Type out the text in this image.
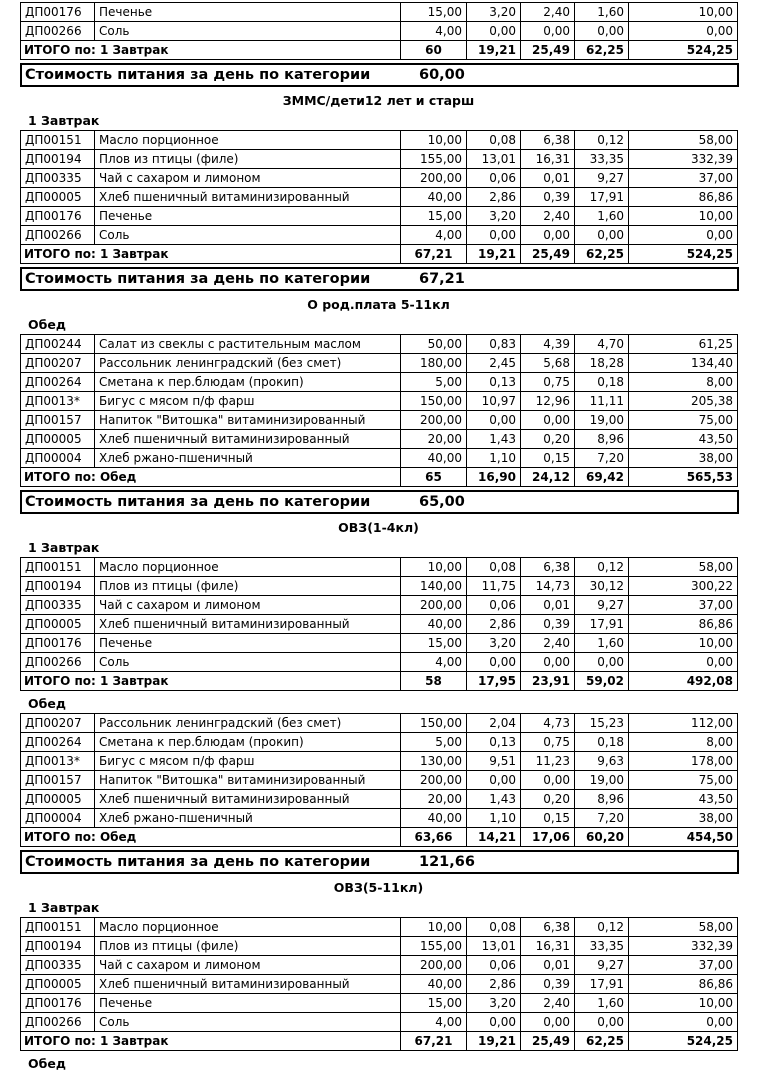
ДП00176	Печенье	15,00	3,20	2,40	1,60	10,00
ДП00266	Соль	4,00	0,00	0,00	0,00	0,00
ИТОГО по: 1 Завтрак		60	19,21	25,49	62,25	524,25
Стоимость питания за день по категории	60,00
ЗММС/дети12 лет и старш
1 Завтрак
ДП00151	Масло порционное	10,00	0,08	6,38	0,12	58,00
ДП00194	Плов из птицы (филе)	155,00	13,01	16,31	33,35	332,39
ДП00335	Чай с сахаром и лимоном	200,00	0,06	0,01	9,27	37,00
ДП00005	Хлеб пшеничный витаминизированный	40,00	2,86	0,39	17,91	86,86
ДП00176	Печенье	15,00	3,20	2,40	1,60	10,00
ДП00266	Соль	4,00	0,00	0,00	0,00	0,00
ИТОГО по: 1 Завтрак		67,21	19,21	25,49	62,25	524,25
Стоимость питания за день по категории	67,21
О род.плата 5-11кл
Обед
ДП00244	Салат из свеклы с растительным маслом	50,00	0,83	4,39	4,70	61,25
ДП00207	Рассольник ленинградский (без смет)	180,00	2,45	5,68	18,28	134,40
ДП00264	Сметана к пер.блюдам (прокип)	5,00	0,13	0,75	0,18	8,00
ДП0013*	Бигус с мясом п/ф фарш	150,00	10,97	12,96	11,11	205,38
ДП00157	Напиток "Витошка" витаминизированный	200,00	0,00	0,00	19,00	75,00
ДП00005	Хлеб пшеничный витаминизированный	20,00	1,43	0,20	8,96	43,50
ДП00004	Хлеб ржано-пшеничный	40,00	1,10	0,15	7,20	38,00
ИТОГО по: Обед		65	16,90	24,12	69,42	565,53
Стоимость питания за день по категории	65,00
ОВЗ(1-4кл)
1 Завтрак
ДП00151	Масло порционное	10,00	0,08	6,38	0,12	58,00
ДП00194	Плов из птицы (филе)	140,00	11,75	14,73	30,12	300,22
ДП00335	Чай с сахаром и лимоном	200,00	0,06	0,01	9,27	37,00
ДП00005	Хлеб пшеничный витаминизированный	40,00	2,86	0,39	17,91	86,86
ДП00176	Печенье	15,00	3,20	2,40	1,60	10,00
ДП00266	Соль	4,00	0,00	0,00	0,00	0,00
ИТОГО по: 1 Завтрак		58	17,95	23,91	59,02	492,08
Обед
ДП00207	Рассольник ленинградский (без смет)	150,00	2,04	4,73	15,23	112,00
ДП00264	Сметана к пер.блюдам (прокип)	5,00	0,13	0,75	0,18	8,00
ДП0013*	Бигус с мясом п/ф фарш	130,00	9,51	11,23	9,63	178,00
ДП00157	Напиток "Витошка" витаминизированный	200,00	0,00	0,00	19,00	75,00
ДП00005	Хлеб пшеничный витаминизированный	20,00	1,43	0,20	8,96	43,50
ДП00004	Хлеб ржано-пшеничный	40,00	1,10	0,15	7,20	38,00
ИТОГО по: Обед		63,66	14,21	17,06	60,20	454,50
Стоимость питания за день по категории	121,66
ОВЗ(5-11кл)
1 Завтрак
ДП00151	Масло порционное	10,00	0,08	6,38	0,12	58,00
ДП00194	Плов из птицы (филе)	155,00	13,01	16,31	33,35	332,39
ДП00335	Чай с сахаром и лимоном	200,00	0,06	0,01	9,27	37,00
ДП00005	Хлеб пшеничный витаминизированный	40,00	2,86	0,39	17,91	86,86
ДП00176	Печенье	15,00	3,20	2,40	1,60	10,00
ДП00266	Соль	4,00	0,00	0,00	0,00	0,00
ИТОГО по: 1 Завтрак		67,21	19,21	25,49	62,25	524,25
Обед
